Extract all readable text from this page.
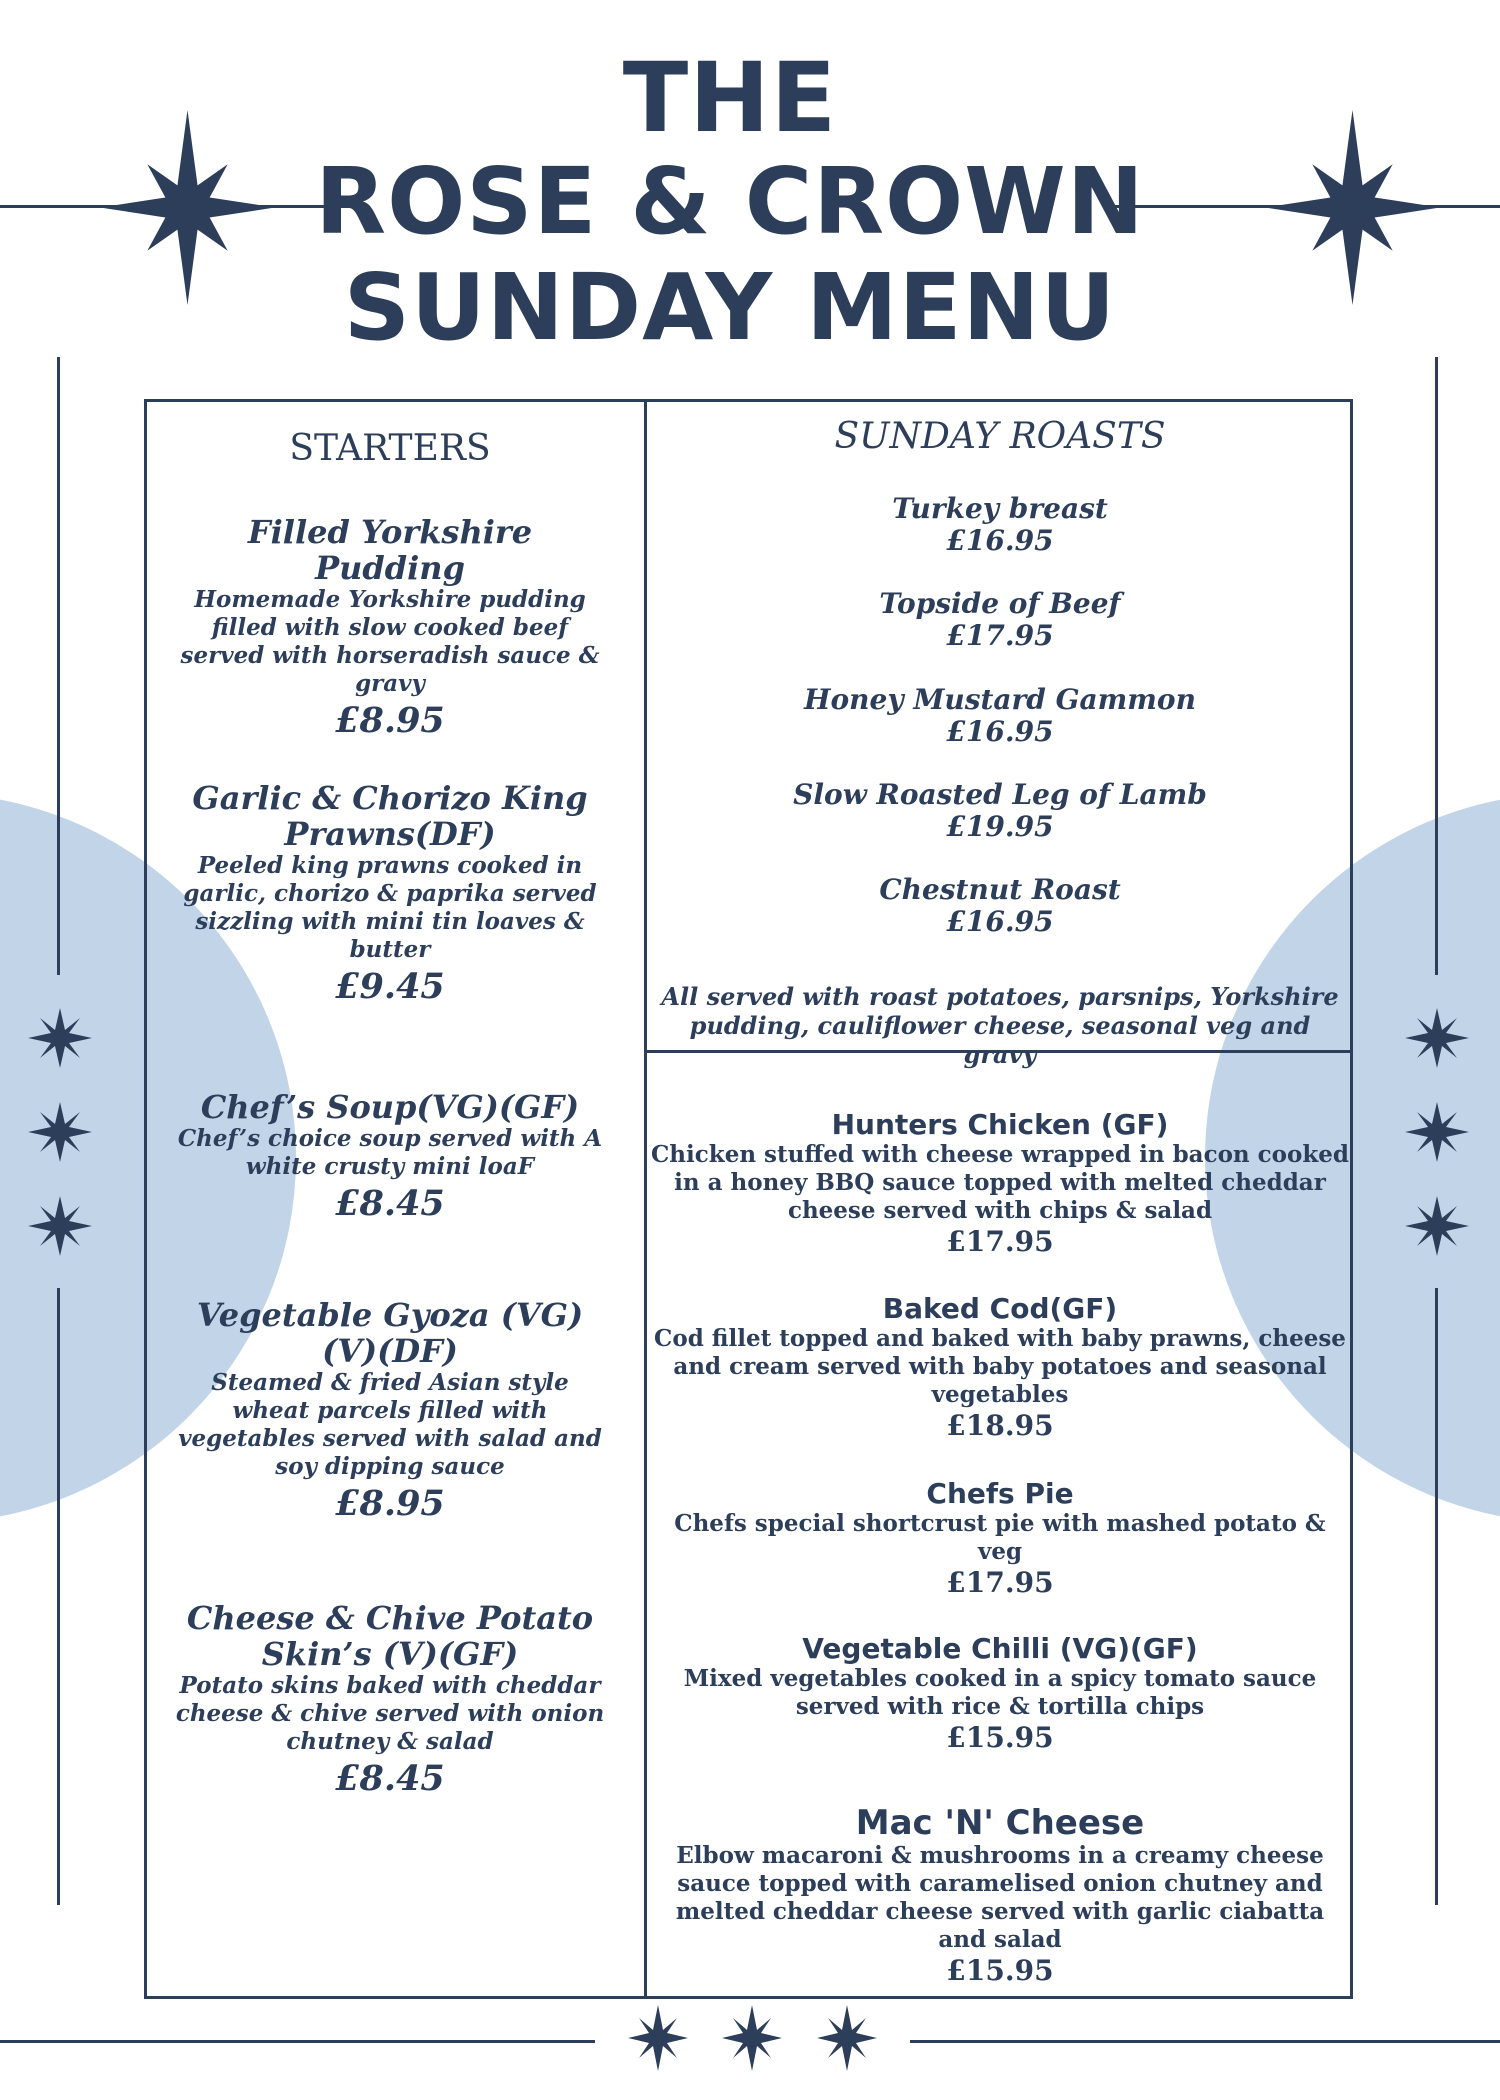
THE
ROSE & CROWN
SUNDAY MENU
STARTERS
Filled Yorkshire Pudding
Homemade Yorkshire pudding filled with slow cooked beef served with horseradish sauce & gravy
£8.95
Garlic & Chorizo King Prawns(DF)
Peeled king prawns cooked in garlic, chorizo & paprika served sizzling with mini tin loaves & butter
£9.45
Chef’s Soup(VG)(GF)
Chef’s choice soup served with A white crusty mini loaF
£8.45
Vegetable Gyoza (VG)(V)(DF)
Steamed & fried Asian style wheat parcels filled with vegetables served with salad and soy dipping sauce
£8.95
Cheese & Chive Potato Skin’s (V)(GF)
Potato skins baked with cheddar cheese & chive served with onion chutney & salad
£8.45
SUNDAY ROASTS
Turkey breast
£16.95
Topside of Beef
£17.95
Honey Mustard Gammon
£16.95
Slow Roasted Leg of Lamb
£19.95
Chestnut Roast
£16.95
All served with roast potatoes, parsnips, Yorkshire pudding, cauliflower cheese, seasonal veg and gravy
Hunters Chicken (GF)
Chicken stuffed with cheese wrapped in bacon cooked in a honey BBQ sauce topped with melted cheddar cheese served with chips & salad
£17.95
Baked Cod(GF)
Cod fillet topped and baked with baby prawns, cheese and cream served with baby potatoes and seasonal vegetables
£18.95
Chefs Pie
Chefs special shortcrust pie with mashed potato & veg
£17.95
Vegetable Chilli (VG)(GF)
Mixed vegetables cooked in a spicy tomato sauce served with rice & tortilla chips
£15.95
Mac 'N' Cheese
Elbow macaroni & mushrooms in a creamy cheese sauce topped with caramelised onion chutney and melted cheddar cheese served with garlic ciabatta and salad
£15.95
